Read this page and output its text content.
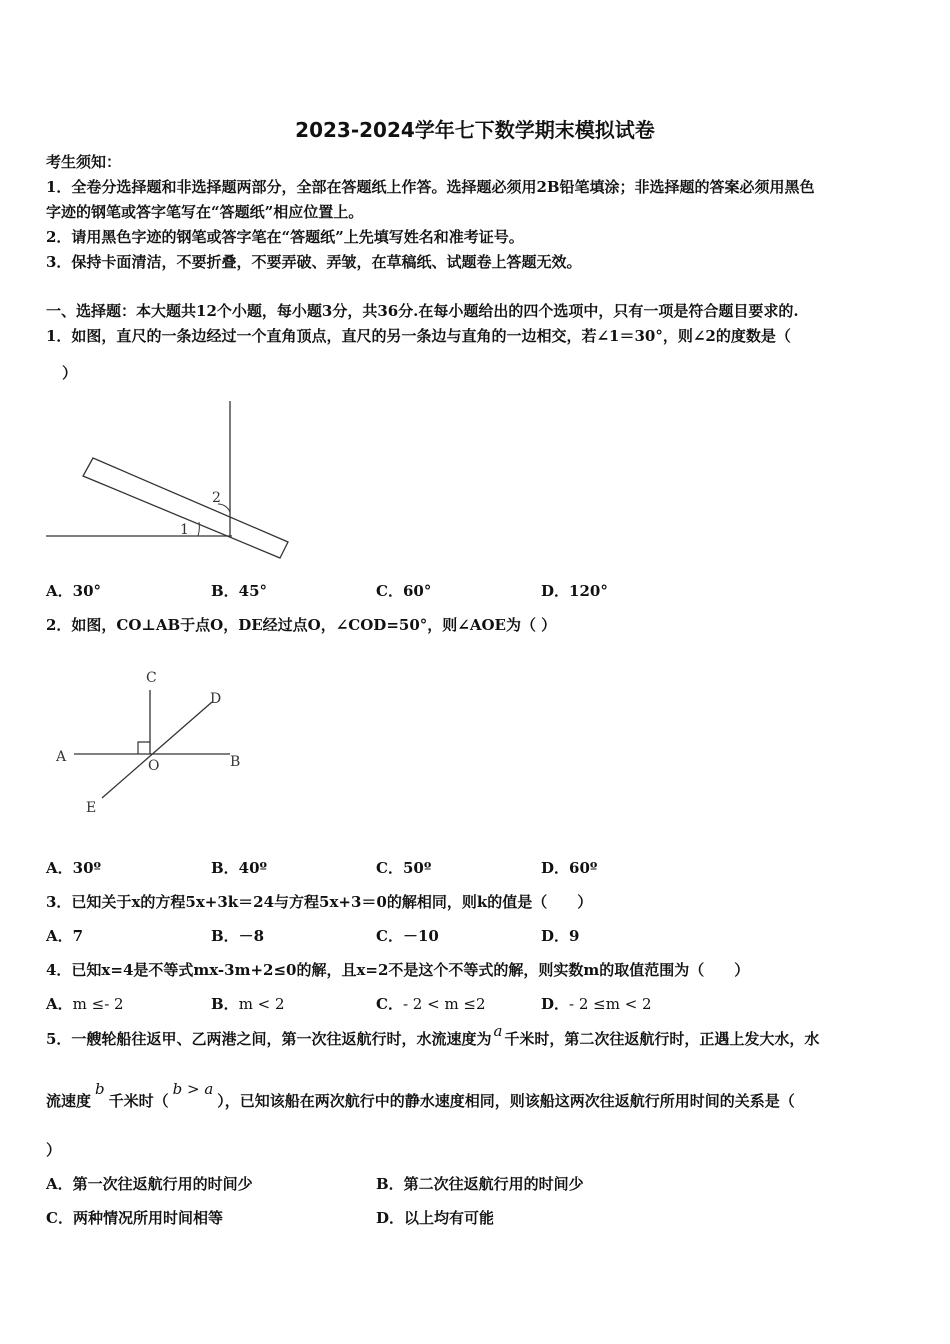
2023-2024学年七下数学期末模拟试卷
考生须知：
1．全卷分选择题和非选择题两部分，全部在答题纸上作答。选择题必须用2B铅笔填涂；非选择题的答案必须用黑色
字迹的钢笔或答字笔写在“答题纸”相应位置上。
2．请用黑色字迹的钢笔或答字笔在“答题纸”上先填写姓名和准考证号。
3．保持卡面清洁，不要折叠，不要弄破、弄皱，在草稿纸、试题卷上答题无效。
一、选择题：本大题共12个小题，每小题3分，共36分.在每小题给出的四个选项中，只有一项是符合题目要求的.
1．如图，直尺的一条边经过一个直角顶点，直尺的另一条边与直角的一边相交，若∠1＝30°，则∠2的度数是（
）
1
2
A．30°	B．45°	C．60°	D．120°
2．如图，CO⊥AB于点O，DE经过点O，∠COD=50°，则∠AOE为（ ）
C
D
A
O	B
E
A．30º	B．40º	C．50º	D．60º
3．已知关于x的方程5x+3k＝24与方程5x+3＝0的解相同，则k的值是（　　）
A．7	B．－8	C．－10	D．9
4．已知x=4是不等式mx-3m+2≤0的解，且x=2不是这个不等式的解，则实数m的取值范围为（　　）
A．m ≤- 2	B．m < 2	C．- 2 < m ≤2	D．- 2 ≤m < 2
5．一艘轮船往返甲、乙两港之间，第一次往返航行时，水流速度为 a 千米时，第二次往返航行时，正遇上发大水，水
流速度b千米时（b > a），已知该船在两次航行中的静水速度相同，则该船这两次往返航行所用时间的关系是（
）
A．第一次往返航行用的时间少	B．第二次往返航行用的时间少
C．两种情况所用时间相等	D．以上均有可能
